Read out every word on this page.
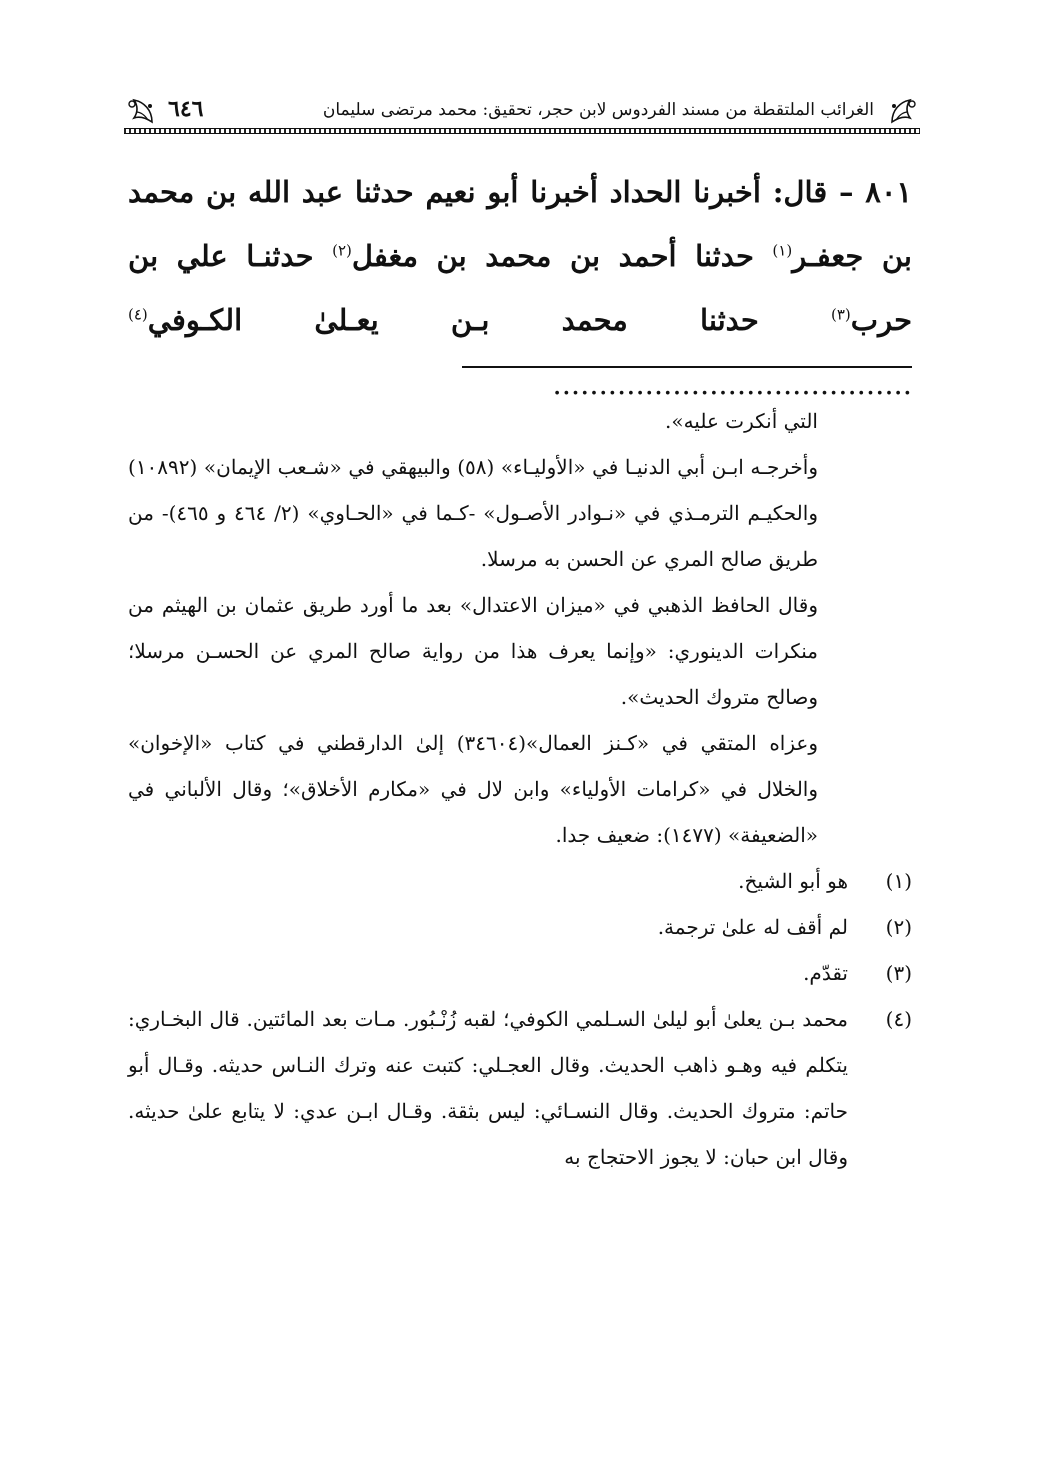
الغرائب الملتقطة من مسند الفردوس لابن حجر، تحقيق: محمد مرتضى سليمان
٦٤٦

٨٠١ – قال: أخبرنا الحداد أخبرنا أبو نعيم حدثنا عبد الله بن محمد بن جعفـر$^{(١)}$ حدثنا أحمد بن محمد بن مغفل$^{(٢)}$ حدثنـا علي بن حرب$^{(٣)}$ حدثنا محمد بـن يعـلىٰ الكـوفي$^{(٤)}$ .......................................

التي أنكرت عليه».

وأخرجـه ابـن أبي الدنيـا في «الأوليـاء» (٥٨) والبيهقي في «شـعب الإيمان» (١٠٨٩٢) والحكيـم الترمـذي في «نـوادر الأصـول» -كـما في «الحـاوي» (٢/ ٤٦٤ و ٤٦٥)- من طريق صالح المري عن الحسن به مرسلا.

وقال الحافظ الذهبي في «ميزان الاعتدال» بعد ما أورد طريق عثمان بن الهيثم من منكرات الدينوري: «وإنما يعرف هذا من رواية صالح المري عن الحسـن مرسلا؛ وصالح متروك الحديث».

وعزاه المتقي في «كـنز العمال»(٣٤٦٠٤) إلىٰ الدارقطني في كتاب «الإخوان» والخلال في «كرامات الأولياء» وابن لال في «مكارم الأخلاق»؛ وقال الألباني في «الضعيفة» (١٤٧٧): ضعيف جدا.

(١)
هو أبو الشيخ.
(٢)
لم أقف له علىٰ ترجمة.
(٣)
تقدّم.
(٤)
محمد بـن يعلىٰ أبو ليلىٰ السـلمي الكوفي؛ لقبه زُنْـبُور. مـات بعد المائتين. قال البخـاري: يتكلم فيه وهـو ذاهب الحديث. وقال العجـلي: كتبت عنه وترك النـاس حديثه. وقـال أبو حاتم: متروك الحديث. وقال النسـائي: ليس بثقة. وقـال ابـن عدي: لا يتابع علىٰ حديثه. وقال ابن حبان: لا يجوز الاحتجاج به
